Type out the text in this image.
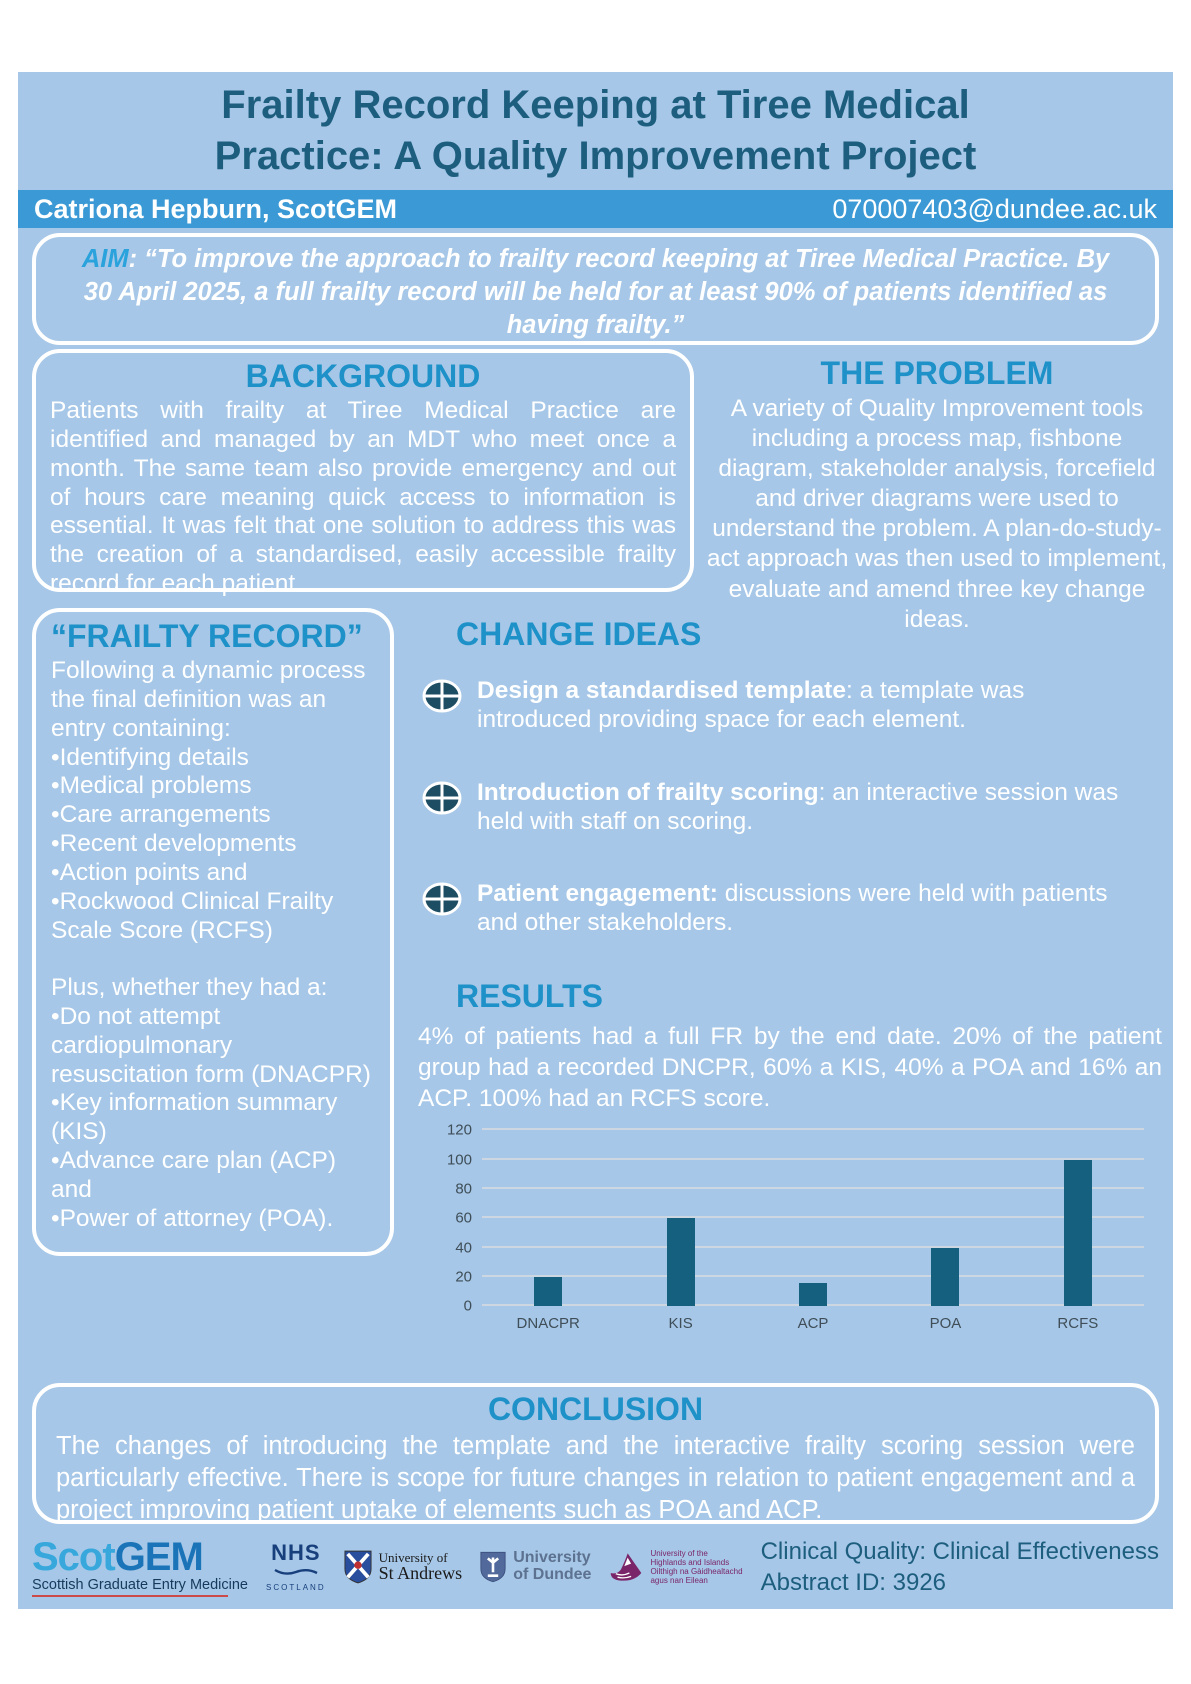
Frailty Record Keeping at Tiree Medical
Practice: A Quality Improvement Project
Catriona Hepburn, ScotGEM	070007403@dundee.ac.uk
AIM: “To improve the approach to frailty record keeping at Tiree Medical Practice. By 30 April 2025, a full frailty record will be held for at least 90% of patients identified as having frailty.”
BACKGROUND
Patients with frailty at Tiree Medical Practice are identified and managed by an MDT who meet once a month. The same team also provide emergency and out of hours care meaning quick access to information is essential. It was felt that one solution to address this was the creation of a standardised, easily accessible frailty record for each patient.
THE PROBLEM
A variety of Quality Improvement tools including a process map, fishbone diagram, stakeholder analysis, forcefield and driver diagrams were used to understand the problem. A plan-do-study-act approach was then used to implement, evaluate and amend three key change ideas.
“FRAILTY RECORD”
Following a dynamic process the final definition was an entry containing:
•Identifying details
•Medical problems
•Care arrangements
•Recent developments
•Action points and
•Rockwood Clinical Frailty Scale Score (RCFS)
Plus, whether they had a:
•Do not attempt cardiopulmonary resuscitation form (DNACPR)
•Key information summary (KIS)
•Advance care plan (ACP) and
•Power of attorney (POA).
CHANGE IDEAS
Design a standardised template: a template was introduced providing space for each element.
Introduction of frailty scoring: an interactive session was held with staff on scoring.
Patient engagement: discussions were held with patients and other stakeholders.
RESULTS
4% of patients had a full FR by the end date. 20% of the patient group had a recorded DNCPR, 60% a KIS, 40% a POA and 16% an ACP. 100% had an RCFS score.
0
20
40
60
80
100
120
DNACPR	KIS	ACP	POA	RCFS
CONCLUSION
The changes of introducing the template and the interactive frailty scoring session were particularly effective. There is scope for future changes in relation to patient engagement and a project improving patient uptake of elements such as POA and ACP.
ScotGEM
Scottish Graduate Entry Medicine
NHS
SCOTLAND
University of
St Andrews
University
of Dundee
University of the
Highlands and Islands
Oilthigh na Gàidhealtachd
agus nan Eilean
Clinical Quality: Clinical Effectiveness
Abstract ID: 3926
